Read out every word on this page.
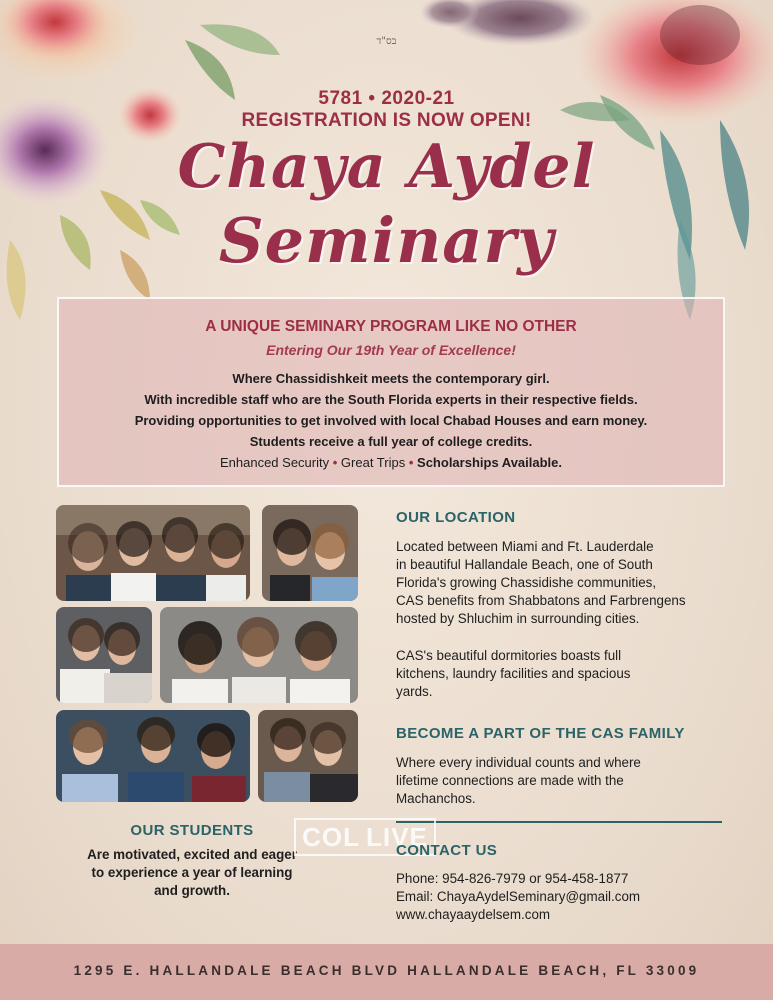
בס"ד
5781 • 2020-21
REGISTRATION IS NOW OPEN!
Chaya Aydel
Seminary
A UNIQUE SEMINARY PROGRAM LIKE NO OTHER
Entering Our 19th Year of Excellence!
Where Chassidishkeit meets the contemporary girl.
With incredible staff who are the South Florida experts in their respective fields.
Providing opportunities to get involved with local Chabad Houses and earn money.
Students receive a full year of college credits.
Enhanced Security • Great Trips • Scholarships Available.
OUR LOCATION
Located between Miami and Ft. Lauderdale
in beautiful Hallandale Beach, one of South
Florida's growing Chassidishe communities,
CAS benefits from Shabbatons and Farbrengens
hosted by Shluchim in surrounding cities.
CAS's beautiful dormitories boasts full
kitchens, laundry facilities and spacious
yards.
BECOME A PART OF THE CAS FAMILY
Where every individual counts and where
lifetime connections are made with the
Machanchos.
OUR STUDENTS
Are motivated, excited and eager
to experience a year of learning
and growth.
COL LIVE
CONTACT US
Phone: 954-826-7979 or 954-458-1877
Email: ChayaAydelSeminary@gmail.com
www.chayaaydelsem.com
1295 E. HALLANDALE BEACH BLVD HALLANDALE BEACH, FL 33009
